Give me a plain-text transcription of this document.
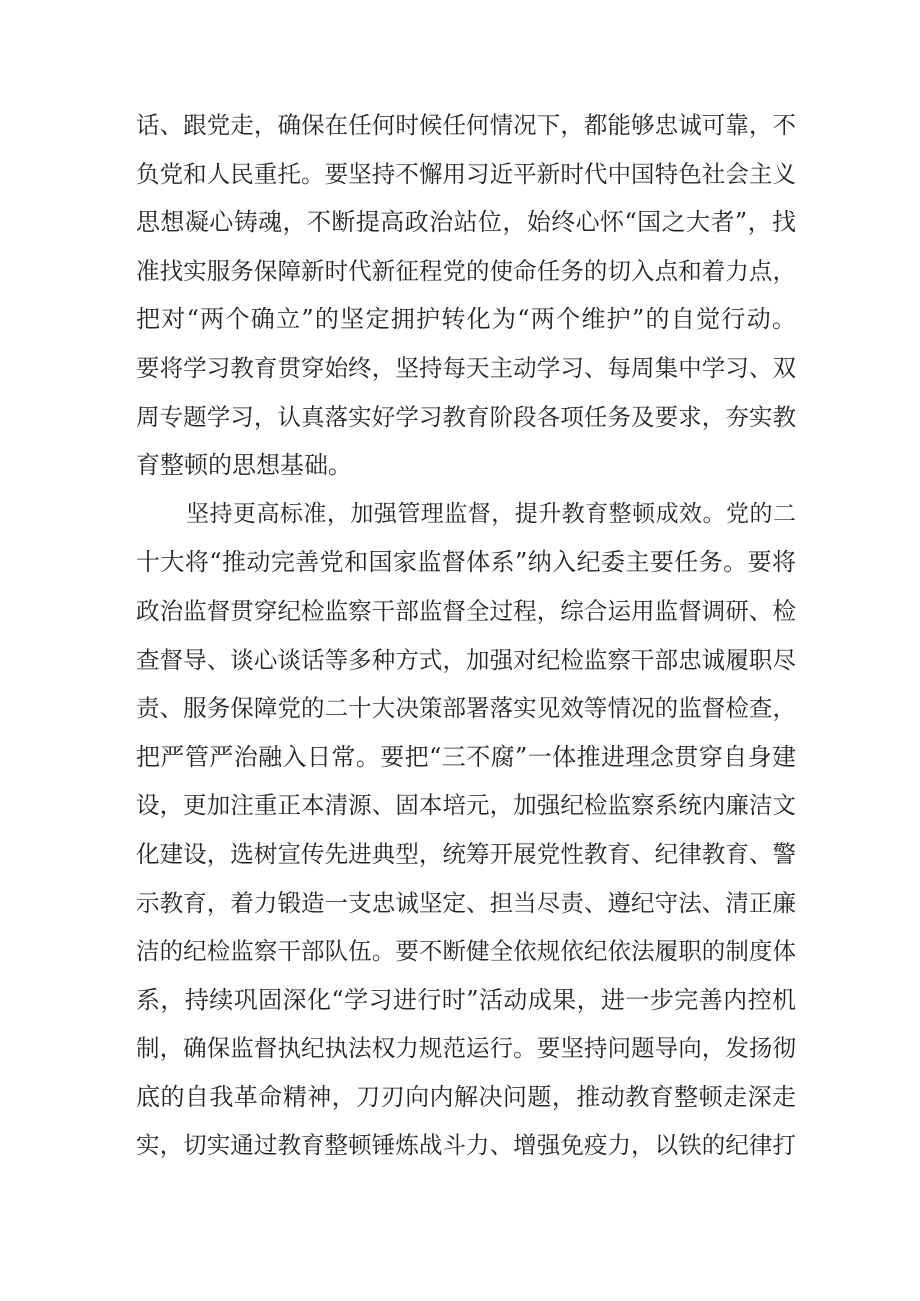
话、跟党走，确保在任何时候任何情况下，都能够忠诚可靠，不
负党和人民重托。要坚持不懈用习近平新时代中国特色社会主义
思想凝心铸魂，不断提高政治站位，始终心怀“国之大者”，找
准找实服务保障新时代新征程党的使命任务的切入点和着力点，
把对“两个确立”的坚定拥护转化为“两个维护”的自觉行动。
要将学习教育贯穿始终，坚持每天主动学习、每周集中学习、双
周专题学习，认真落实好学习教育阶段各项任务及要求，夯实教
育整顿的思想基础。
坚持更高标准，加强管理监督，提升教育整顿成效。党的二
十大将“推动完善党和国家监督体系”纳入纪委主要任务。要将
政治监督贯穿纪检监察干部监督全过程，综合运用监督调研、检
查督导、谈心谈话等多种方式，加强对纪检监察干部忠诚履职尽
责、服务保障党的二十大决策部署落实见效等情况的监督检查，
把严管严治融入日常。要把“三不腐”一体推进理念贯穿自身建
设，更加注重正本清源、固本培元，加强纪检监察系统内廉洁文
化建设，选树宣传先进典型，统筹开展党性教育、纪律教育、警
示教育，着力锻造一支忠诚坚定、担当尽责、遵纪守法、清正廉
洁的纪检监察干部队伍。要不断健全依规依纪依法履职的制度体
系，持续巩固深化“学习进行时”活动成果，进一步完善内控机
制，确保监督执纪执法权力规范运行。要坚持问题导向，发扬彻
底的自我革命精神，刀刃向内解决问题，推动教育整顿走深走
实，切实通过教育整顿锤炼战斗力、增强免疫力，以铁的纪律打
